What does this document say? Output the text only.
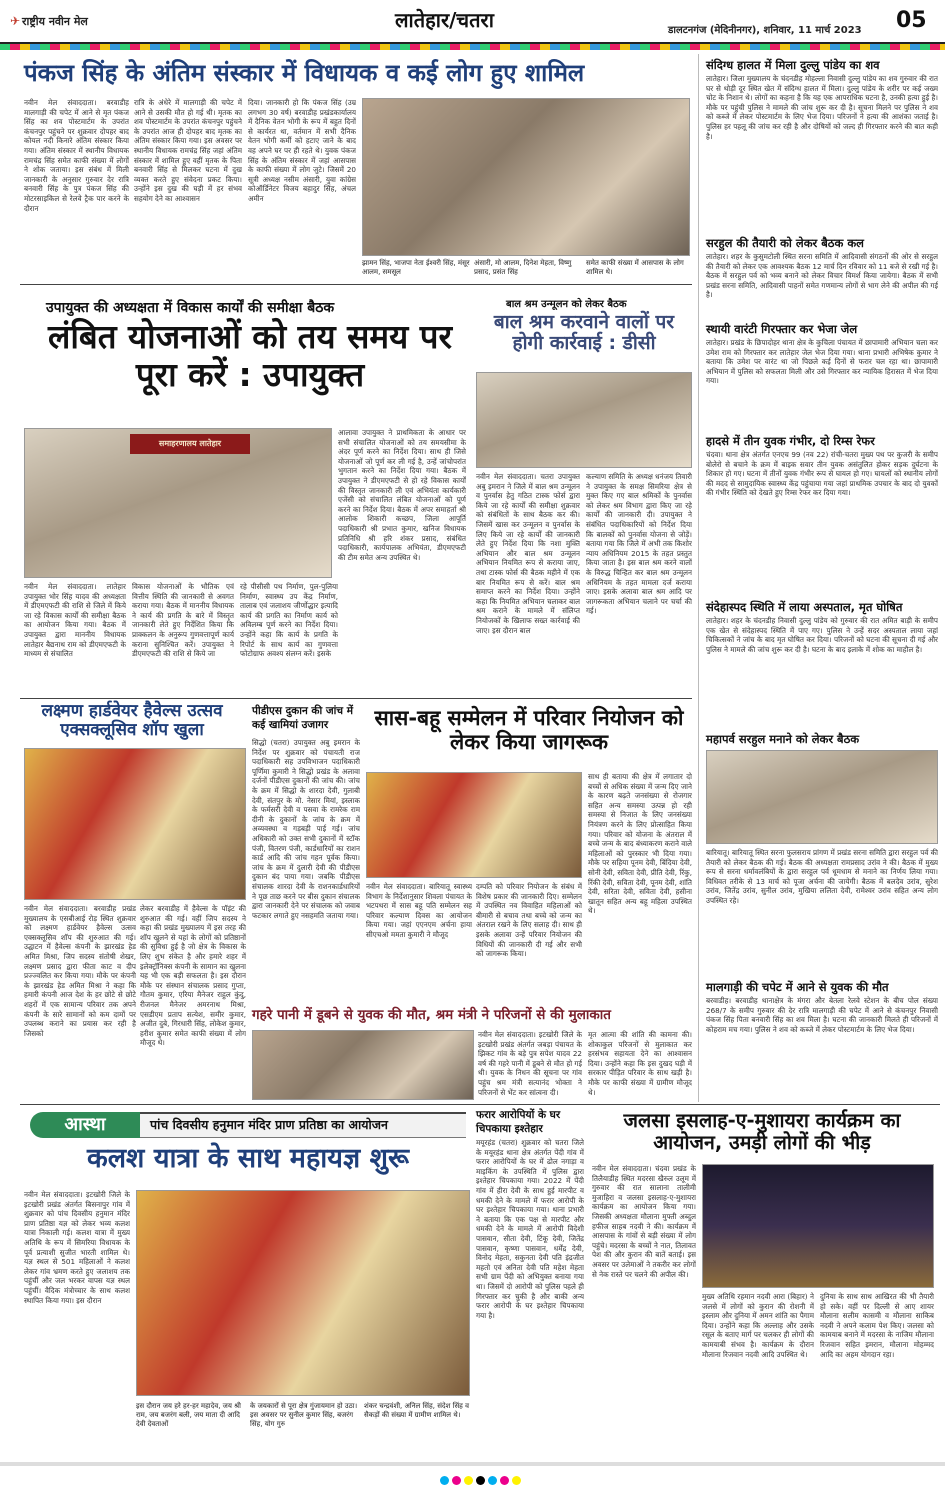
✈ राष्ट्रीय नवीन मेल	लातेहार/चतरा	डालटनगंज (मेदिनीनगर), शनिवार, 11 मार्च 2023 05
पंकज सिंह के अंतिम संस्कार में विधायक व कई लोग हुए शामिल
नवीन मेल संवाददाता। बरवाडीह मालगाड़ी की चपेट में आने से मृत पंकज सिंह का शव पोस्टमार्टम के उपरांत कंचनपुर पहुंचने पर शुक्रवार दोपहर बाद कोयल नदी किनारे अंतिम संस्कार किया गया। अंतिम संस्कार में स्थानीय विधायक रामचंद्र सिंह समेत काफी संख्या में लोगों ने शोक जताया। इस संबंध में मिली जानकारी के अनुसार गुरुवार देर रात्रि बनवारी सिंह के पुत्र पंकज सिंह की मोटरसाइकिल से रेलवे ट्रैक पार करने के दौरान
रात्रि के अंधेरे में मालगाड़ी की चपेट में आने से उसकी मौत हो गई थी। मृतक का शव पोस्टमार्टम के उपरांत कंचनपुर पहुंचने के उपरांत आज ही दोपहर बाद मृतक का अंतिम संस्कार किया गया। इस अवसर पर स्थानीय विधायक रामचंद्र सिंह जहां अंतिम संस्कार में शामिल हुए वहीं मृतक के पिता बनवारी सिंह से मिलकर घटना में दुख व्यक्त करते हुए संवेदना प्रकट किया। उन्होंने इस दुख की घड़ी में हर संभव सहयोग देने का आश्वासन
दिया। जानकारी हो कि पंकज सिंह (उम्र लगभग 30 वर्ष) बरवाडीह प्रखंडकार्यालय में दैनिक वेतन भोगी के रूप में बहुत दिनों से कार्यरत था, वर्तमान में सभी दैनिक वेतन भोगी कर्मी को हटाए जाने के बाद वह अपने घर पर ही रहते थे। युवक पंकज सिंह के अंतिम संस्कार में जहां आसपास के काफी संख्या में लोग जुटे। जिसमें 20 सूत्री अध्यक्ष नसीम अंसारी, युवा कांग्रेस कोऑर्डिनेटर विजय बहादुर सिंह, अंचल अमीन
झामन सिंह, भाजपा नेता ईश्वरी सिंह, मंसूर आलम, समसूल
अंसारी, मो आलम, दिनेश मेहता, विष्णु प्रसाद, प्रसंत सिंह
समेत काफी संख्या में आसपास के लोग शामिल थे।
उपायुक्त की अध्यक्षता में विकास कार्यों की समीक्षा बैठक
लंबित योजनाओं को तय समय पर पूरा करें : उपायुक्त
समाहरणालय लातेहार
नवीन मेल संवाददाता। लातेहार उपायुक्त भोर सिंह यादव की अध्यक्षता में डीएमएफटी की राशि से जिले में किये जा रहे विकास कार्यों की समीक्षा बैठक का आयोजन किया गया। बैठक में उपायुक्त द्वारा माननीय विधायक लातेहार बैद्यनाथ राम को डीएमएफटी के माध्यम से संचालित
विकास योजनाओं के भौतिक एवं वित्तीय स्थिति की जानकारी से अवगत कराया गया। बैठक में माननीय विधायक ने कार्य की प्रगति के बारे में विस्तृत जानकारी लेते हुए निर्देशित किया कि प्राक्कलन के अनुरूप गुणवत्तापूर्ण कार्य कराना सुनिश्चित करें। उपायुक्त ने डीएमएफटी की राशि से किये जा
रहे पीसीसी पथ निर्माण, पुल-पुलिया निर्माण, स्वास्थ्य उप केंद्र निर्माण, तालाब एवं जलाशय जीर्णोद्धार इत्यादि कार्य की प्रगति का निर्माण कार्य को अविलम्ब पूर्ण करने का निर्देश दिया। उन्होंने कहा कि कार्य के प्रगति के रिपोर्ट के साथ कार्य का गुणवत्ता फोटोग्राफ अवश्य संलग्न करें। इसके
आलावा उपायुक्त ने प्राथमिकता के आधार पर सभी संचालित योजनाओं को तय समयसीमा के अंदर पूर्ण करने का निर्देश दिया। साथ ही जिसे योजनाओं जो पूर्ण कर ली गई है, उन्हें जांचोपरांत भुगतान करने का निर्देश दिया गया। बैठक में उपायुक्त ने डीएमएफटी से हो रहे विकास कार्यों की विस्तृत जानकारी ली एवं अभियंता कार्यकारी एजेंसी को संचालित लंबित योजनाओं को पूर्ण करने का निर्देश दिया। बैठक में अपर समाहर्ता श्री आलोक शिकारी कच्छप, जिला आपूर्ति पदाधिकारी श्री प्रभात कुमार, खनिज विधायक प्रतिनिधि श्री हरि शंकर प्रसाद, संबंधित पदाधिकारी, कार्यपालक अभियंता, डीएमएफटी की टीम समेत अन्य उपस्थित थे।
बाल श्रम उन्मूलन को लेकर बैठक
बाल श्रम करवाने वालों पर होगी कार्रवाई : डीसी
नवीन मेल संवाददाता। चतरा उपायुक्त अबु इमरान ने जिले में बाल श्रम उन्मूलन व पुनर्वास हेतु गठित टास्क फोर्स द्वारा किये जा रहे कार्यों की समीक्षा शुक्रवार को संबंधितों के साथ बैठक कर की। जिसमें खास कर उन्मूलन व पुनर्वास के लिए किये जा रहे कार्यों की जानकारी लेते हुए निर्देश दिया कि नशा मुक्ति अभियान और बाल श्रम उन्मूलन अभियान नियमित रूप से कराया जाए, तथा टास्क फोर्स की बैठक महीने में एक बार नियमित रूप से करें। बाल श्रम समाप्त करने का निर्देश दिया। उन्होंने कहा कि नियमित अभियान चलाकर बाल श्रम कराने के मामले में संलिप्त नियोजकों के खिलाफ सख्त कार्रवाई की जाए। इस दौरान बाल
कल्याण समिति के अध्यक्ष धनंजय तिवारी ने उपायुक्त के समक्ष सिमरिया क्षेत्र से मुक्त किए गए बाल श्रमिकों के पुनर्वास को लेकर श्रम विभाग द्वारा किए जा रहे कार्यों की जानकारी दी। उपायुक्त ने संबंधित पदाधिकारियों को निर्देश दिया कि बालकों को पुनर्वास योजना से जोड़ें। बताया गया कि जिले में अभी तक किशोर न्याय अधिनियम 2015 के तहत प्रस्तुत किया जाता है। इस बाल श्रम करने वालों के विरुद्ध चिन्हित कर बाल श्रम उन्मूलन अधिनियम के तहत मामला दर्ज कराया जाए। इसके अलावा बाल श्रम आदि पर जागरूकता अभियान चलाने पर चर्चा की गई।
लक्ष्मण हार्डवेयर हैवेल्स उत्सव एक्सक्लूसिव शॉप खुला
नवीन मेल संवाददाता। बरवाडीह प्रखंड मुख्यालय के एसबीआई रोड़ स्थित शुक्रवार को लक्ष्मण हार्डवेयर हैवेल्स उत्सव एक्सक्लूसिव शॉप की शुरुआत की गई। उद्घाटन में हैवेल्स कंपनी के झारखंड हेड अमित मिश्रा, जिप सदस्य संतोषी शेखर, लक्ष्मण प्रसाद द्वारा फीता काट व दीप प्रज्ज्वलित कर किया गया। मौके पर कंपनी के झारखंड हेड अमित मिश्रा ने कहा कि हमारी कंपनी आज देश के हर छोटे से छोटे शहरों में एक सामान्य परिवार तक अपने कंपनी के सारे सामानों को कम दामों पर उपलब्ध कराने का प्रयास कर रही है जिसको
लेकर बरवाडीह में हैवेल्स के पॉइंट की शुरुआत की गई। वहीं जिप सदस्य ने कहा की प्रखंड मुख्यालय में इस तरह की शॉप खुलने से यहां के लोगों को प्रतिष्ठानों की सुविधा हुई है जो क्षेत्र के विकास के लिए शुभ संकेत है और हमारे शहर में इलेक्ट्रॉनिक्स कंपनी के सामान का खुलना यह भी एक बड़ी सफलता है। इस दौरान मौके पर संस्थान संचालक प्रसाद गुप्ता, गौतम कुमार, एरिया मैनेजर राहुल कुंदु, रीजनल मैनेजर अमरनाथ मिश्रा, एसडीएम प्रताप सत्येश, समीर कुमार, अजीत दुबे, गिरधारी सिंह, लोकेश कुमार, हरीश कुमार समेत काफी संख्या में लोग मौजूद थे।
पीडीएस दुकान की जांच में कई खामियां उजागर
सिद्धो (चतरा) उपायुक्त अबु इमरान के निर्देश पर शुक्रवार को पंचायती राज पदाधिकारी सह उपविभाजन पदाधिकारी पूर्णिमा कुमारी ने सिद्धो प्रखंड के अलावा दर्जनों पीडीएस दुकानों की जांच की। जांच के क्रम में सिद्धो के शारदा देवी, गुलाबी देवी, संतपुर के मो. नेसार मियां, इस्लाक के फर्मसरी देवी व पसवा के रामरेक राम दीनी के दुकानों के जांच के क्रम में अव्यवस्था व गड़बड़ी पाई गई। जांच अधिकारी को उक्त सभी दुकानों में स्टॉक पंजी, वितरण पंजी, कार्डधारियों का राशन कार्ड आदि की जांच गहन पूर्वक किया। जांच के क्रम में दुलारी देवी की पीडीएस दुकान बंद पाया गया। जबकि पीडीएस संचालक शारदा देवी के राशनकार्डधारियों ने पूछ ताछ करने पर बीस दुकान संचालक द्वारा जानकारी देने पर संचालक को जवाब फटकार लगाते हुए नसहमति जताया गया।
सास-बहू सम्मेलन में परिवार नियोजन को लेकर किया जागरूक
नवीन मेल संवाददाता। बारियातू स्वास्थ्य विभाग के निर्देशानुसार शिवला पंचायत के भटपथरा में सास बहू पति सम्मेलन सह परिवार कल्याण दिवस का आयोजन किया गया। जहां एएनएम अर्चना हाया सीएचओ ममता कुमारी ने मौजूद
दम्पति को परिवार नियोजन के संबंध में विशेष प्रकार की जानकारी दिए। सम्मेलन में उपस्थित नव विवाहित महिलाओं को बीमारी से बचाव तथा बच्चे को जन्म का अंतराल रखने के लिए सलाह दी। साथ ही इसके अलावा उन्हें परिवार नियोजन की विधियों की जानकारी दी गई और सभी को जागरूक किया।
साथ ही बताया की क्षेत्र में लगातार दो बच्चों से अधिक संख्या में जन्म दिए जाने के कारण बढ़ते जनसंख्या से रोजगार सहित अन्य समस्या उत्पन्न हो रही समस्या से निजात के लिए जनसंख्या नियंत्रण करने के लिए प्रोत्साहित किया गया। परिवार को योजना के अंतराल में बच्चे जन्म के बाद बंध्याकरण कराने वाले महिलाओं को पुरस्कार भी दिया गया। मौके पर सहिया पूनम देवी, बिंदिया देवी, सोनी देवी, सविता देवी, प्रीति देवी, रिंकु, रिंकी देवी, सविता देवी, पूनम देवी, शांति देवी, सरिता देवी, सविता देवी, हसीना खातून सहित अन्य बहू महिला उपस्थित थे।
गहरे पानी में डूबने से युवक की मौत, श्रम मंत्री ने परिजनों से की मुलाकात
नवीन मेल संवाददाता। इटखोरी जिले के इटखोरी प्रखंड अंतर्गत जबड़ा पंचायत के झिकट गांव के बड़े पुत्र सपेश यादव 22 वर्ष की गहरे पानी में डूबने से मौत हो गई थी। युवक के निधन की सूचना पर गांव पहुंच श्रम मंत्री सत्यानंद भोक्ता ने परिजनों से भेंट कर सांत्वना दी।
मृत आत्मा की शांति की कामना की। शोकाकुल परिजनों से मुलाकात कर हरसंभव सहायता देने का आश्वासन दिया। उन्होंने कहा कि इस दुखद घड़ी में सरकार पीड़ित परिवार के साथ खड़ी है। मौके पर काफी संख्या में ग्रामीण मौजूद थे।
आस्था	पांच दिवसीय हनुमान मंदिर प्राण प्रतिष्ठा का आयोजन
कलश यात्रा के साथ महायज्ञ शुरू
नवीन मेल संवाददाता। इटखोरी जिले के इटखोरी प्रखंड अंतर्गत बिसनापुर गांव में शुक्रवार को पांच दिवसीय हनुमान मंदिर प्राण प्रतिष्ठा यज्ञ को लेकर भव्य कलश यात्रा निकाली गई। कलश यात्रा में मुख्य अतिथि के रूप में सिमरिया विधायक के पूर्व प्रत्याशी सुजीत भारती शामिल थे। यज्ञ स्थल से 501 महिलाओं ने कलश लेकर गांव भ्रमण करते हुए जलाशय तक पहुंचीं और जल भरकर वापस यज्ञ स्थल पहुंचीं। वैदिक मंत्रोच्चार के साथ कलश स्थापित किया गया। इस दौरान
इस दौरान जय हरे हर-हर महादेव, जय श्री राम, जय बजरंग बली, जय माता दी आदि देवी देवताओं
के जयकारों से पूरा क्षेत्र गुंजायमान हो उठा। इस अवसर पर सुनील कुमार सिंह, बजरंग सिंह, योग गुरु
शंकर चन्द्रवंशी, अनिल सिंह, संदेश सिंह व सैकड़ों की संख्या में ग्रामीण शामिल थे।
फरार आरोपियों के घर चिपकाया इश्तेहार
मयूरहंड (चतरा) शुक्रवार को चतरा जिले के मयूरहंड थाना क्षेत्र अंतर्गत पेंदी गांव में फरार आरोपियों के घर में ढोल नगाड़ा व माइकिंग के उपस्थिति में पुलिस द्वारा इश्तेहार चिपकाया गया। 2022 में पेंदी गांव में हीरा देवी के साथ हुई मारपीट व धमकी देने के मामले में फरार आरोपी के घर इश्तेहार चिपकाया गया। थाना प्रभारी ने बताया कि एक पक्ष से मारपीट और धमकी देने के मामले में आरोपी विदेशी पासवान, सीता देवी, टिंकू देवी, जितेंद्र पासवान, कृष्णा पासवान, धर्मेंद्र देवी, विनोद मेहता, सकुनता देवी पति इंद्रजीत महतो एवं अनिता देवी पति महेश मेहता सभी ग्राम पेंदी को अभियुक्त बनाया गया था। जिसमें दो आरोपी को पुलिस पहले ही गिरफ्तार कर चुकी है और बाकी अन्य फरार आरोपी के घर इश्तेहार चिपकाया गया है।
जलसा इसलाह-ए-मुशायरा कार्यक्रम का आयोजन, उमड़ी लोगों की भीड़
नवीन मेल संवाददाता। चंदवा प्रखंड के तिलैयाडीह स्थित मदरसा खैरुल उलूम में गुरुवार की रात सालाना तालीमी मुजाहिरा व जलसा इसलाह-ए-मुशायरा कार्यक्रम का आयोजन किया गया। जिसकी अध्यक्षता मौलाना मुफ्ती अब्दुल हफीज साहब नदवी ने की। कार्यक्रम में आसपास के गांवों से बड़ी संख्या में लोग पहुंचे। मदरसा के बच्चों ने नात, तिलावत पेश की और कुरान की बातें बताई। इस अवसर पर उलेमाओं ने तकरीर कर लोगों से नेक रास्ते पर चलने की अपील की।
मुख्य अतिथि रहमान नदवी आरा (बिहार) ने जलसे में लोगों को कुरान की रोशनी में इस्लाम और दुनिया में अमन शांति का पैगाम दिया। उन्होंने कहा कि अल्लाह और उसके रसूल के बताए मार्ग पर चलकर ही लोगों की कामयाबी संभव है। कार्यक्रम के दौरान मौलाना रिजवान नदवी आदि उपस्थित थे।
दुनिया के साथ साथ आखिरत की भी तैयारी हो सके। वहीं पर दिल्ली से आए शायर मौलाना सलीम कासमी व मौलाना साकिब नदवी ने अपने कलाम पेश किए। जलसा को कामयाब बनाने में मदरसा के नाजिम मौलाना रिजवान सहित इमरान, मौलाना मोहम्मद आदि का अहम योगदान रहा।
संदिग्ध हालत में मिला दुल्लु पांडेय का शव
लातेहार। जिला मुख्यालय के चंदनडीह मोहल्ला निवासी दुल्लु पांडेय का शव गुरुवार की रात घर से थोड़ी दूर स्थित खेत में संदिग्ध हालत में मिला। दुल्लु पांडेय के शरीर पर कई जख्म चोट के निशान थे। लोगों का कहना है कि यह एक आपराधिक घटना है, उनकी हत्या हुई है। मौके पर पहुंची पुलिस ने मामले की जांच शुरू कर दी है। सूचना मिलने पर पुलिस ने शव को कब्जे में लेकर पोस्टमार्टम के लिए भेज दिया। परिजनों ने हत्या की आशंका जताई है। पुलिस हर पहलू की जांच कर रही है और दोषियों को जल्द ही गिरफ्तार करने की बात कही है।
सरहुल की तैयारी को लेकर बैठक कल
लातेहार। शहर के कुसुमटोली स्थित सरना समिति में आदिवासी संगठनों की ओर से सरहुल की तैयारी को लेकर एक आवश्यक बैठक 12 मार्च दिन रविवार को 11 बजे से रखी गई है। बैठक में सरहुल पर्व को भव्य बनाने को लेकर विचार विमर्श किया जायेगा। बैठक में सभी प्रखंड सरना समिति, आदिवासी पाहनों समेत गणमान्य लोगों से भाग लेने की अपील की गई है।
स्थायी वारंटी गिरफ्तार कर भेजा जेल
लातेहार। प्रखंड के छिपादोहर थाना क्षेत्र के कुचिला पंचायत में छापामारी अभियान चला कर उमेश राम को गिरफ्तार कर लातेहार जेल भेज दिया गया। थाना प्रभारी अभिषेक कुमार ने बताया कि उमेश पर वारंट था जो पिछले कई दिनों से फरार चल रहा था। छापामारी अभियान में पुलिस को सफलता मिली और उसे गिरफ्तार कर न्यायिक हिरासत में भेज दिया गया।
हादसे में तीन युवक गंभीर, दो रिम्स रेफर
चंदवा। थाना क्षेत्र अंतर्गत एनएच 99 (नव 22) रांची-चतरा मुख्य पथ पर कुजरी के समीप बोलेरो से बचाने के क्रम में बाइक सवार तीन युवक असंतुलित होकर सड़क दुर्घटना के शिकार हो गए। घटना में तीनों युवक गंभीर रूप से घायल हो गए। घायलों को स्थानीय लोगों की मदद से सामुदायिक स्वास्थ्य केंद्र पहुंचाया गया जहां प्राथमिक उपचार के बाद दो युवकों की गंभीर स्थिति को देखते हुए रिम्स रेफर कर दिया गया।
संदेहास्पद स्थिति में लाया अस्पताल, मृत घोषित
लातेहार। शहर के चंदनडीह निवासी दुल्लु पांडेय को गुरुवार की रात अमित बाड़ी के समीप एक खेत से संदेहास्पद स्थिति में पाए गए। पुलिस ने उन्हें सदर अस्पताल लाया जहां चिकित्सकों ने जांच के बाद मृत घोषित कर दिया। परिजनों को घटना की सूचना दी गई और पुलिस ने मामले की जांच शुरू कर दी है। घटना के बाद इलाके में शोक का माहौल है।
महापर्व सरहुल मनाने को लेकर बैठक
बारियातू। बारियातू स्थित सरना फुलसराय प्रांगण में प्रखंड सरना समिति द्वारा सरहुल पर्व की तैयारी को लेकर बैठक की गई। बैठक की अध्यक्षता रामप्रसाद उरांव ने की। बैठक में मुख्य रूप से सरना धर्मावलंबियों के द्वारा सरहुल पर्व धूमधाम से मनाने का निर्णय लिया गया। विधिवत तरीके से 13 मार्च को पूजा अर्चना की जायेगी। बैठक में बलदेव उरांव, सुरेश उरांव, जितेंद्र उरांव, सुनील उरांव, मुखिया ललिता देवी, रामेश्वर उरांव सहित अन्य लोग उपस्थित रहे।
मालगाड़ी की चपेट में आने से युवक की मौत
बरवाडीह। बरवाडीह थानाक्षेत्र के मंगरा और बेतला रेलवे स्टेशन के बीच पोल संख्या 268/7 के समीप गुरुवार की देर रात्रि मालगाड़ी की चपेट में आने से कंचनपुर निवासी पंकज सिंह पिता बनवारी सिंह का शव मिला है। घटना की जानकारी मिलते ही परिजनों में कोहराम मच गया। पुलिस ने शव को कब्जे में लेकर पोस्टमार्टम के लिए भेज दिया।
